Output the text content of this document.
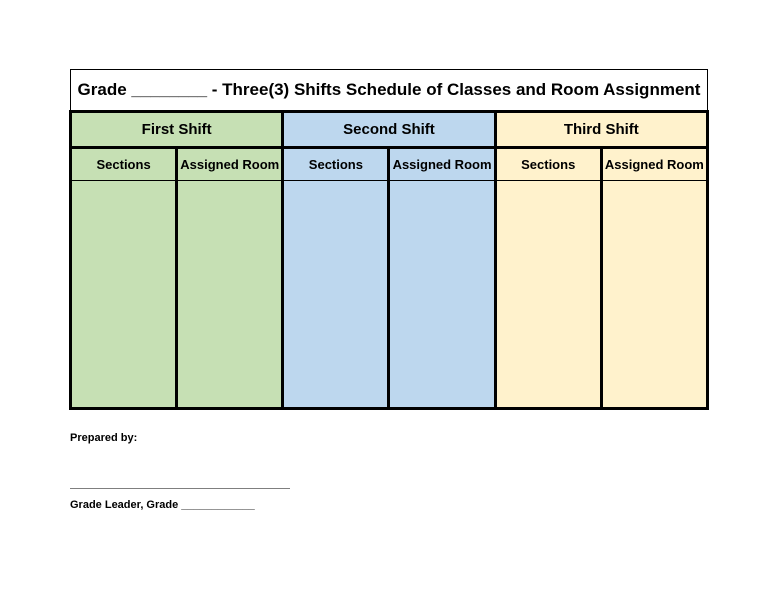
Grade ________ - Three(3) Shifts Schedule of Classes and Room Assignment					
First Shift		Second Shift		Third Shift	
Sections	Assigned Room	Sections	Assigned Room	Sections	Assigned Room

Prepared by:
Grade Leader, Grade ____________
